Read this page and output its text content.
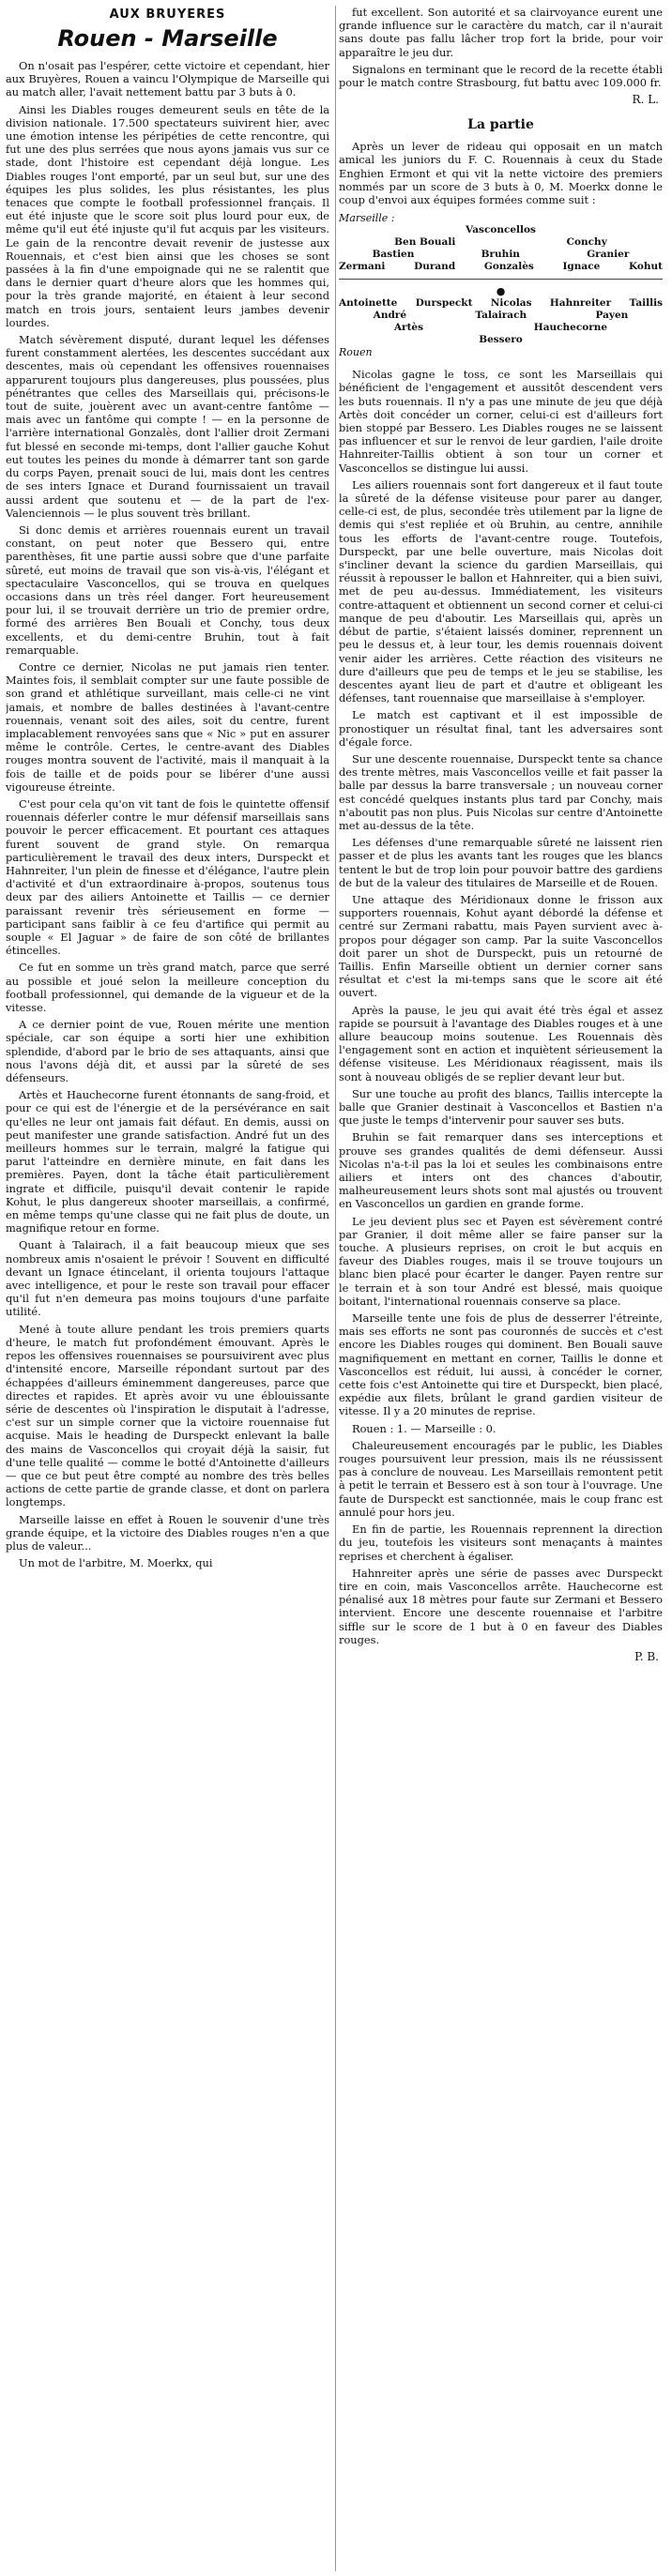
AUX BRUYERES
Rouen - Marseille

On n'osait pas l'espérer, cette victoire et cependant, hier aux Bruyères, Rouen a vaincu l'Olympique de Marseille qui au match aller, l'avait nettement battu par 3 buts à 0.

Ainsi les Diables rouges demeurent seuls en tête de la division nationale. 17.500 spectateurs suivirent hier, avec une émotion intense les péripéties de cette rencontre, qui fut une des plus serrées que nous ayons jamais vus sur ce stade, dont l'histoire est cependant déjà longue. Les Diables rouges l'ont emporté, par un seul but, sur une des équipes les plus solides, les plus résistantes, les plus tenaces que compte le football professionnel français. Il eut été injuste que le score soit plus lourd pour eux, de même qu'il eut été injuste qu'il fut acquis par les visiteurs. Le gain de la rencontre devait revenir de justesse aux Rouennais, et c'est bien ainsi que les choses se sont passées à la fin d'une empoignade qui ne se ralentit que dans le dernier quart d'heure alors que les hommes qui, pour la très grande majorité, en étaient à leur second match en trois jours, sentaient leurs jambes devenir lourdes.

Match sévèrement disputé, durant lequel les défenses furent constamment alertées, les descentes succédant aux descentes, mais où cependant les offensives rouennaises apparurent toujours plus dangereuses, plus poussées, plus pénétrantes que celles des Marseillais qui, précisons-le tout de suite, jouèrent avec un avant-centre fantôme — mais avec un fantôme qui compte ! — en la personne de l'arrière international Gonzalès, dont l'allier droit Zermani fut blessé en seconde mi-temps, dont l'allier gauche Kohut eut toutes les peines du monde à démarrer tant son garde du corps Payen, prenait souci de lui, mais dont les centres de ses inters Ignace et Durand fournissaient un travail aussi ardent que soutenu et — de la part de l'ex-Valenciennois — le plus souvent très brillant.

Si donc demis et arrières rouennais eurent un travail constant, on peut noter que Bessero qui, entre parenthèses, fit une partie aussi sobre que d'une parfaite sûreté, eut moins de travail que son vis-à-vis, l'élégant et spectaculaire Vasconcellos, qui se trouva en quelques occasions dans un très réel danger. Fort heureusement pour lui, il se trouvait derrière un trio de premier ordre, formé des arrières Ben Bouali et Conchy, tous deux excellents, et du demi-centre Bruhin, tout à fait remarquable.

Contre ce dernier, Nicolas ne put jamais rien tenter. Maintes fois, il semblait compter sur une faute possible de son grand et athlétique surveillant, mais celle-ci ne vint jamais, et nombre de balles destinées à l'avant-centre rouennais, venant soit des ailes, soit du centre, furent implacablement renvoyées sans que « Nic » put en assurer même le contrôle. Certes, le centre-avant des Diables rouges montra souvent de l'activité, mais il manquait à la fois de taille et de poids pour se libérer d'une aussi vigoureuse étreinte.

C'est pour cela qu'on vit tant de fois le quintette offensif rouennais déferler contre le mur défensif marseillais sans pouvoir le percer efficacement. Et pourtant ces attaques furent souvent de grand style. On remarqua particulièrement le travail des deux inters, Durspeckt et Hahnreiter, l'un plein de finesse et d'élégance, l'autre plein d'activité et d'un extraordinaire à-propos, soutenus tous deux par des ailiers Antoinette et Taillis — ce dernier paraissant revenir très sérieusement en forme — participant sans faiblir à ce feu d'artifice qui permit au souple « El Jaguar » de faire de son côté de brillantes étincelles.

Ce fut en somme un très grand match, parce que serré au possible et joué selon la meilleure conception du football professionnel, qui demande de la vigueur et de la vitesse.

A ce dernier point de vue, Rouen mérite une mention spéciale, car son équipe a sorti hier une exhibition splendide, d'abord par le brio de ses attaquants, ainsi que nous l'avons déjà dit, et aussi par la sûreté de ses défenseurs.

Artès et Hauchecorne furent étonnants de sang-froid, et pour ce qui est de l'énergie et de la persévérance en sait qu'elles ne leur ont jamais fait défaut. En demis, aussi on peut manifester une grande satisfaction. André fut un des meilleurs hommes sur le terrain, malgré la fatigue qui parut l'atteindre en dernière minute, en fait dans les premières. Payen, dont la tâche était particulièrement ingrate et difficile, puisqu'il devait contenir le rapide Kohut, le plus dangereux shooter marseillais, a confirmé, en même temps qu'une classe qui ne fait plus de doute, un magnifique retour en forme.

Quant à Talairach, il a fait beaucoup mieux que ses nombreux amis n'osaient le prévoir ! Souvent en difficulté devant un Ignace étincelant, il orienta toujours l'attaque avec intelligence, et pour le reste son travail pour effacer qu'il fut n'en demeura pas moins toujours d'une parfaite utilité.

Mené à toute allure pendant les trois premiers quarts d'heure, le match fut profondément émouvant. Après le repos les offensives rouennaises se poursuivirent avec plus d'intensité encore, Marseille répondant surtout par des échappées d'ailleurs éminemment dangereuses, parce que directes et rapides. Et après avoir vu une éblouissante série de descentes où l'inspiration le disputait à l'adresse, c'est sur un simple corner que la victoire rouennaise fut acquise. Mais le heading de Durspeckt enlevant la balle des mains de Vasconcellos qui croyait déjà la saisir, fut d'une telle qualité — comme le botté d'Antoinette d'ailleurs — que ce but peut être compté au nombre des très belles actions de cette partie de grande classe, et dont on parlera longtemps.

Marseille laisse en effet à Rouen le souvenir d'une très grande équipe, et la victoire des Diables rouges n'en a que plus de valeur...

Un mot de l'arbitre, M. Moerkx, qui

fut excellent. Son autorité et sa clairvoyance eurent une grande influence sur le caractère du match, car il n'aurait sans doute pas fallu lâcher trop fort la bride, pour voir apparaître le jeu dur.

Signalons en terminant que le record de la recette établi pour le match contre Strasbourg, fut battu avec 109.000 fr.

R. L.
La partie

Après un lever de rideau qui opposait en un match amical les juniors du F. C. Rouennais à ceux du Stade Enghien Ermont et qui vit la nette victoire des premiers nommés par un score de 3 buts à 0, M. Moerkx donne le coup d'envoi aux équipes formées comme suit :

Marseille :
Vasconcellos
Ben Bouali	Conchy
Bastien	Bruhin	Granier
Zermani	Durand	Gonzalès	Ignace	Kohut
●
Antoinette Durspeckt Nicolas Hahnreiter Taillis
André	Talairach	Payen
Artès	Hauchecorne
Bessero
Rouen

Nicolas gagne le toss, ce sont les Marseillais qui bénéficient de l'engagement et aussitôt descendent vers les buts rouennais. Il n'y a pas une minute de jeu que déjà Artès doit concéder un corner, celui-ci est d'ailleurs fort bien stoppé par Bessero. Les Diables rouges ne se laissent pas influencer et sur le renvoi de leur gardien, l'aile droite Hahnreiter-Taillis obtient à son tour un corner et Vasconcellos se distingue lui aussi.

Les ailiers rouennais sont fort dangereux et il faut toute la sûreté de la défense visiteuse pour parer au danger, celle-ci est, de plus, secondée très utilement par la ligne de demis qui s'est repliée et où Bruhin, au centre, annihile tous les efforts de l'avant-centre rouge. Toutefois, Durspeckt, par une belle ouverture, mais Nicolas doit s'incliner devant la science du gardien Marseillais, qui réussit à repousser le ballon et Hahnreiter, qui a bien suivi, met de peu au-dessus. Immédiatement, les visiteurs contre-attaquent et obtiennent un second corner et celui-ci manque de peu d'aboutir. Les Marseillais qui, après un début de partie, s'étaient laissés dominer, reprennent un peu le dessus et, à leur tour, les demis rouennais doivent venir aider les arrières. Cette réaction des visiteurs ne dure d'ailleurs que peu de temps et le jeu se stabilise, les descentes ayant lieu de part et d'autre et obligeant les défenses, tant rouennaise que marseillaise à s'employer.

Le match est captivant et il est impossible de pronostiquer un résultat final, tant les adversaires sont d'égale force.

Sur une descente rouennaise, Durspeckt tente sa chance des trente mètres, mais Vasconcellos veille et fait passer la balle par dessus la barre transversale ; un nouveau corner est concédé quelques instants plus tard par Conchy, mais n'aboutit pas non plus. Puis Nicolas sur centre d'Antoinette met au-dessus de la tête.

Les défenses d'une remarquable sûreté ne laissent rien passer et de plus les avants tant les rouges que les blancs tentent le but de trop loin pour pouvoir battre des gardiens de but de la valeur des titulaires de Marseille et de Rouen.

Une attaque des Méridionaux donne le frisson aux supporters rouennais, Kohut ayant débordé la défense et centré sur Zermani rabattu, mais Payen survient avec à-propos pour dégager son camp. Par la suite Vasconcellos doit parer un shot de Durspeckt, puis un retourné de Taillis. Enfin Marseille obtient un dernier corner sans résultat et c'est la mi-temps sans que le score ait été ouvert.

Après la pause, le jeu qui avait été très égal et assez rapide se poursuit à l'avantage des Diables rouges et à une allure beaucoup moins soutenue. Les Rouennais dès l'engagement sont en action et inquiètent sérieusement la défense visiteuse. Les Méridionaux réagissent, mais ils sont à nouveau obligés de se replier devant leur but.

Sur une touche au profit des blancs, Taillis intercepte la balle que Granier destinait à Vasconcellos et Bastien n'a que juste le temps d'intervenir pour sauver ses buts.

Bruhin se fait remarquer dans ses interceptions et prouve ses grandes qualités de demi défenseur. Aussi Nicolas n'a-t-il pas la loi et seules les combinaisons entre ailiers et inters ont des chances d'aboutir, malheureusement leurs shots sont mal ajustés ou trouvent en Vasconcellos un gardien en grande forme.

Le jeu devient plus sec et Payen est sévèrement contré par Granier, il doit même aller se faire panser sur la touche. A plusieurs reprises, on croit le but acquis en faveur des Diables rouges, mais il se trouve toujours un blanc bien placé pour écarter le danger. Payen rentre sur le terrain et à son tour André est blessé, mais quoique boitant, l'international rouennais conserve sa place.

Marseille tente une fois de plus de desserrer l'étreinte, mais ses efforts ne sont pas couronnés de succès et c'est encore les Diables rouges qui dominent. Ben Bouali sauve magnifiquement en mettant en corner, Taillis le donne et Vasconcellos est réduit, lui aussi, à concéder le corner, cette fois c'est Antoinette qui tire et Durspeckt, bien placé, expédie aux filets, brûlant le grand gardien visiteur de vitesse. Il y a 20 minutes de reprise.

Rouen : 1. — Marseille : 0.

Chaleureusement encouragés par le public, les Diables rouges poursuivent leur pression, mais ils ne réussissent pas à conclure de nouveau. Les Marseillais remontent petit à petit le terrain et Bessero est à son tour à l'ouvrage. Une faute de Durspeckt est sanctionnée, mais le coup franc est annulé pour hors jeu.

En fin de partie, les Rouennais reprennent la direction du jeu, toutefois les visiteurs sont menaçants à maintes reprises et cherchent à égaliser.

Hahnreiter après une série de passes avec Durspeckt tire en coin, mais Vasconcellos arrête. Hauchecorne est pénalisé aux 18 mètres pour faute sur Zermani et Bessero intervient. Encore une descente rouennaise et l'arbitre siffle sur le score de 1 but à 0 en faveur des Diables rouges.

P. B.
